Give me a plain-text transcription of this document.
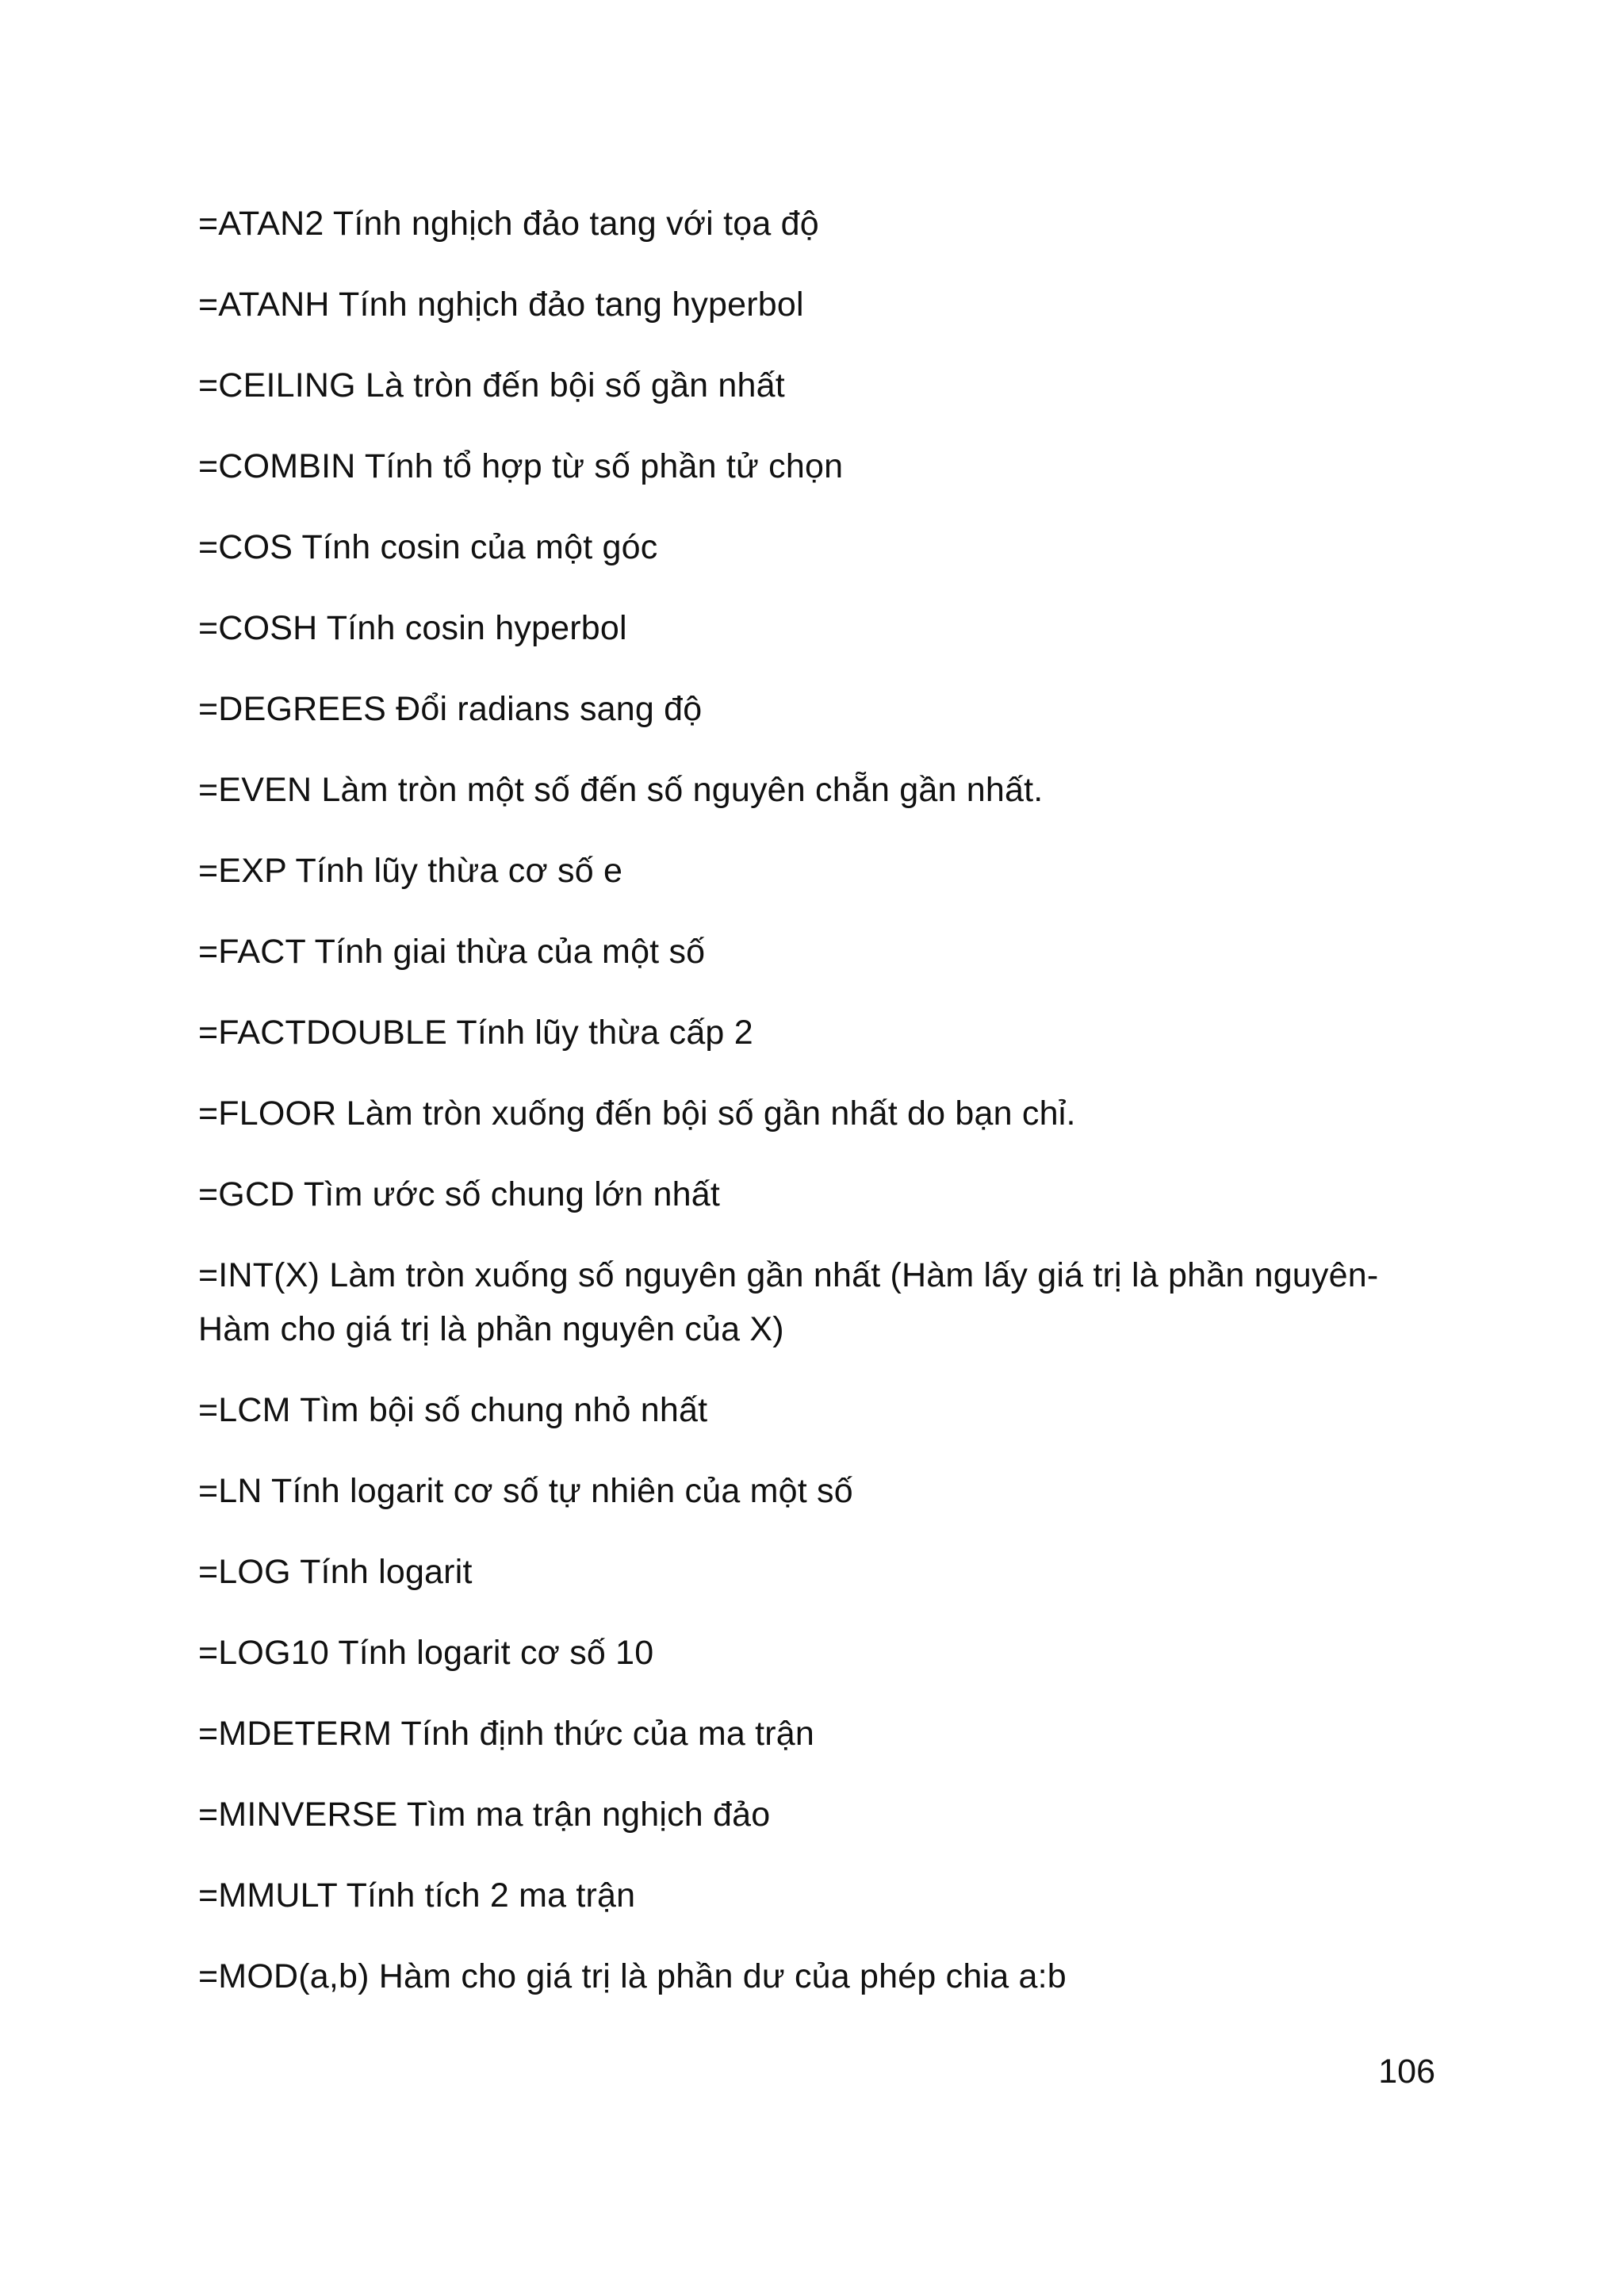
=ATAN2 Tính nghịch đảo tang với tọa độ
=ATANH Tính nghịch đảo tang hyperbol
=CEILING Là tròn đến bội số gần nhất
=COMBIN Tính tổ hợp từ số phần tử chọn
=COS Tính cosin của một góc
=COSH Tính cosin hyperbol
=DEGREES Đổi radians sang độ
=EVEN Làm tròn một số đến số nguyên chẵn gần nhất.
=EXP Tính lũy thừa cơ số e
=FACT Tính giai thừa của một số
=FACTDOUBLE Tính lũy thừa cấp 2
=FLOOR Làm tròn xuống đến bội số gần nhất do bạn chỉ.
=GCD Tìm ước số chung lớn nhất
=INT(X) Làm tròn xuống số nguyên gần nhất (Hàm lấy giá trị là phần nguyên-Hàm cho giá trị là phần nguyên của X)
=LCM Tìm bội số chung nhỏ nhất
=LN Tính logarit cơ số tự nhiên của một số
=LOG Tính logarit
=LOG10 Tính logarit cơ số 10
=MDETERM Tính định thức của ma trận
=MINVERSE Tìm ma trận nghịch đảo
=MMULT Tính tích 2 ma trận
=MOD(a,b) Hàm cho giá trị là phần dư của phép chia a:b
106
